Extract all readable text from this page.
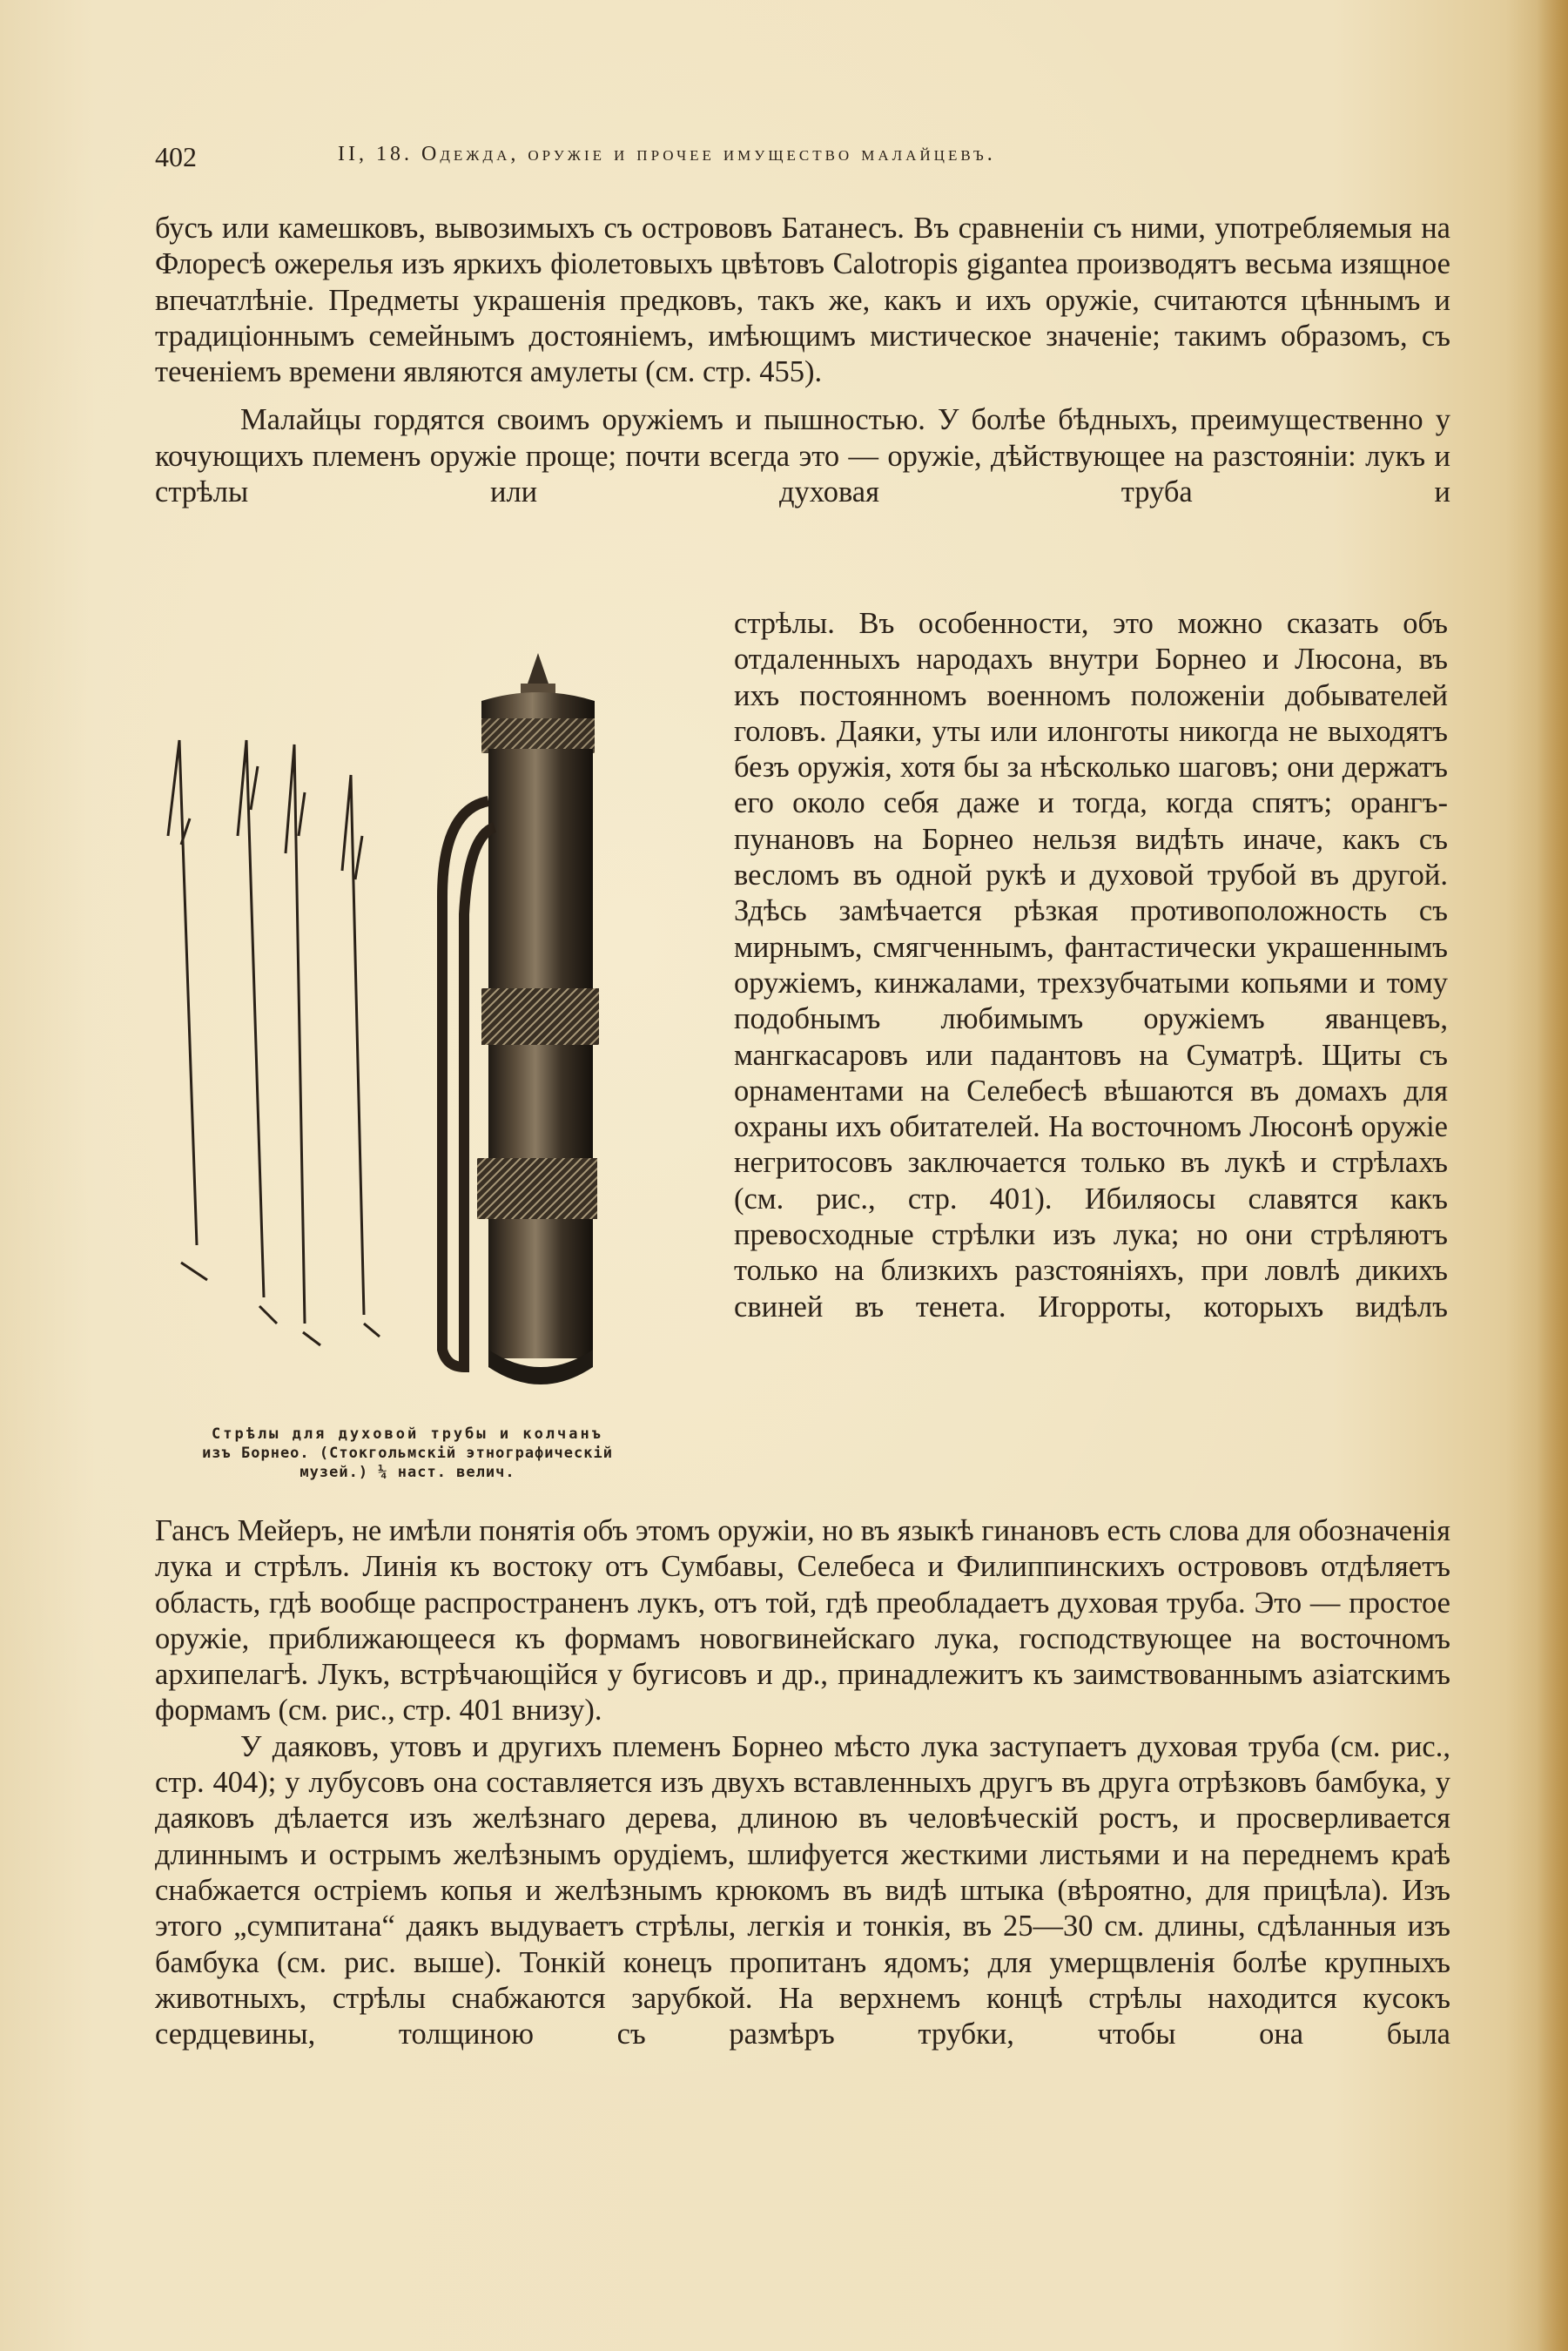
402	II, 18. Одежда, оружіе и прочее имущество малайцевъ.

бусъ или камешковъ, вывозимыхъ съ острововъ Батанесъ. Въ сравненіи съ ними, употребляемыя на Флоресѣ ожерелья изъ яркихъ фіолетовыхъ цвѣтовъ Calotropis gigantea производятъ весьма изящное впечатлѣніе. Предметы украшенія предковъ, такъ же, какъ и ихъ оружіе, считаются цѣннымъ и традиціоннымъ семейнымъ достояніемъ, имѣющимъ мистическое значеніе; такимъ образомъ, съ теченіемъ времени являются амулеты (см. стр. 455).

Малайцы гордятся своимъ оружіемъ и пышностью. У болѣе бѣдныхъ, преимущественно у кочующихъ племенъ оружіе проще; почти всегда это — оружіе, дѣйствующее на разстояніи: лукъ и стрѣлы или духовая труба и

Стрѣлы для духовой трубы и колчанъ
изъ Борнео. (Стокгольмскій этнографическій
музей.) ¼ наст. велич.

стрѣлы. Въ особенности, это можно сказать объ отдаленныхъ народахъ внутри Борнео и Люсона, въ ихъ постоянномъ военномъ положеніи добывателей головъ. Даяки, уты или илонготы никогда не выходятъ безъ оружія, хотя бы за нѣсколько шаговъ; они держатъ его около себя даже и тогда, когда спятъ; орангъ-пунановъ на Борнео нельзя видѣть иначе, какъ съ весломъ въ одной рукѣ и духовой трубой въ другой. Здѣсь замѣчается рѣзкая противоположность съ мирнымъ, смягченнымъ, фантастически украшеннымъ оружіемъ, кинжалами, трехзубчатыми копьями и тому подобнымъ любимымъ оружіемъ яванцевъ, мангкасаровъ или падантовъ на Суматрѣ. Щиты съ орнаментами на Селебесѣ вѣшаются въ домахъ для охраны ихъ обитателей. На восточномъ Люсонѣ оружіе негритосовъ заключается только въ лукѣ и стрѣлахъ (см. рис., стр. 401). Ибиляосы славятся какъ превосходные стрѣлки изъ лука; но они стрѣляютъ только на близкихъ разстояніяхъ, при ловлѣ дикихъ свиней въ тенета. Игорроты, которыхъ видѣлъ

Гансъ Мейеръ, не имѣли понятія объ этомъ оружіи, но въ языкѣ гинановъ есть слова для обозначенія лука и стрѣлъ. Линія къ востоку отъ Сумбавы, Селебеса и Филиппинскихъ острововъ отдѣляетъ область, гдѣ вообще распространенъ лукъ, отъ той, гдѣ преобладаетъ духовая труба. Это — простое оружіе, приближающееся къ формамъ новогвинейскаго лука, господствующее на восточномъ архипелагѣ. Лукъ, встрѣчающійся у бугисовъ и др., принадлежитъ къ заимствованнымъ азіатскимъ формамъ (см. рис., стр. 401 внизу).

У даяковъ, утовъ и другихъ племенъ Борнео мѣсто лука заступаетъ духовая труба (см. рис., стр. 404); у лубусовъ она составляется изъ двухъ вставленныхъ другъ въ друга отрѣзковъ бамбука, у даяковъ дѣлается изъ желѣзнаго дерева, длиною въ человѣческій ростъ, и просверливается длиннымъ и острымъ желѣзнымъ орудіемъ, шлифуется жесткими листьями и на переднемъ краѣ снабжается остріемъ копья и желѣзнымъ крюкомъ въ видѣ штыка (вѣроятно, для прицѣла). Изъ этого „сумпитана“ даякъ выдуваетъ стрѣлы, легкія и тонкія, въ 25—30 см. длины, сдѣланныя изъ бамбука (см. рис. выше). Тонкій конецъ пропитанъ ядомъ; для умерщвленія болѣе крупныхъ животныхъ, стрѣлы снабжаются зарубкой. На верхнемъ концѣ стрѣлы находится кусокъ сердцевины, толщиною съ размѣръ трубки, чтобы она была
